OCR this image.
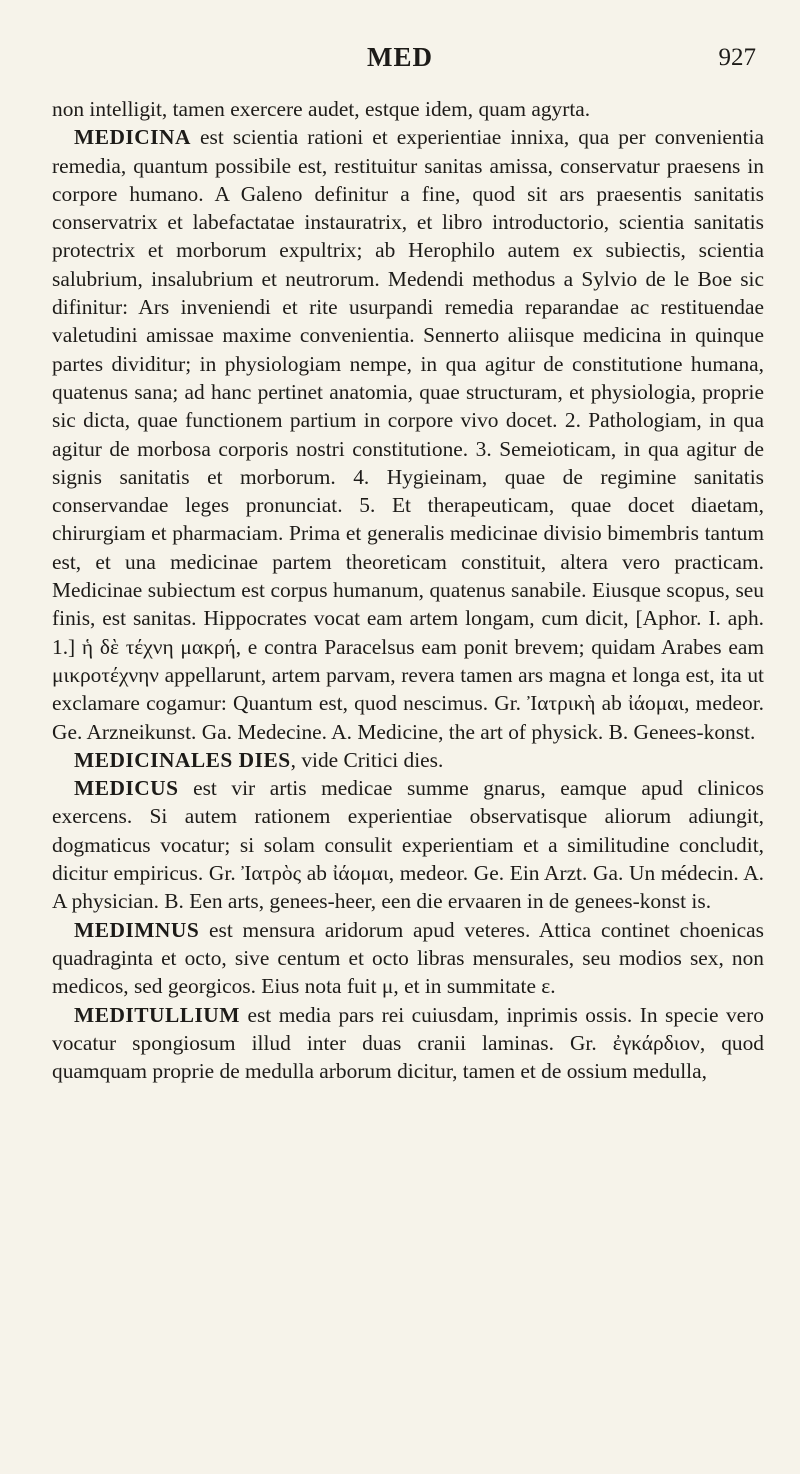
MED	927

non intelligit, tamen exercere audet, estque idem, quam agyrta.

MEDICINA est scientia rationi et experientiae innixa, qua per convenientia remedia, quantum possibile est, restituitur sanitas amissa, conservatur praesens in corpore humano. A Galeno definitur a fine, quod sit ars praesentis sanitatis conservatrix et labefactatae instauratrix, et libro introductorio, scientia sanitatis protectrix et morborum expultrix; ab Herophilo autem ex subiectis, scientia salubrium, insalubrium et neutrorum. Medendi methodus a Sylvio de le Boe sic difinitur: Ars inveniendi et rite usurpandi remedia reparandae ac restituendae valetudini amissae maxime convenientia. Sennerto aliisque medicina in quinque partes dividitur; in physiologiam nempe, in qua agitur de constitutione humana, quatenus sana; ad hanc pertinet anatomia, quae structuram, et physiologia, proprie sic dicta, quae functionem partium in corpore vivo docet. 2. Pathologiam, in qua agitur de morbosa corporis nostri constitutione. 3. Semeioticam, in qua agitur de signis sanitatis et morborum. 4. Hygieinam, quae de regimine sanitatis conservandae leges pronunciat. 5. Et therapeuticam, quae docet diaetam, chirurgiam et pharmaciam. Prima et generalis medicinae divisio bimembris tantum est, et una medicinae partem theoreticam constituit, altera vero practicam. Medicinae subiectum est corpus humanum, quatenus sanabile. Eiusque scopus, seu finis, est sanitas. Hippocrates vocat eam artem longam, cum dicit, [Aphor. I. aph. 1.] ἡ δὲ τέχνη μακρή, e contra Paracelsus eam ponit brevem; quidam Arabes eam μικροτέχνην appellarunt, artem parvam, revera tamen ars magna et longa est, ita ut exclamare cogamur: Quantum est, quod nescimus. Gr. Ἰατρικὴ ab ἰάομαι, medeor. Ge. Arzneikunst. Ga. Medecine. A. Medicine, the art of physick. B. Genees-konst.

MEDICINALES DIES, vide Critici dies.

MEDICUS est vir artis medicae summe gnarus, eamque apud clinicos exercens. Si autem rationem experientiae observatisque aliorum adiungit, dogmaticus vocatur; si solam consulit experientiam et a similitudine concludit, dicitur empiricus. Gr. Ἰατρὸς ab ἰάομαι, medeor. Ge. Ein Arzt. Ga. Un médecin. A. A physician. B. Een arts, genees-heer, een die ervaaren in de genees-konst is.

MEDIMNUS est mensura aridorum apud veteres. Attica continet choenicas quadraginta et octo, sive centum et octo libras mensurales, seu modios sex, non medicos, sed georgicos. Eius nota fuit μ, et in summitate ε.

MEDITULLIUM est media pars rei cuiusdam, inprimis ossis. In specie vero vocatur spongiosum illud inter duas cranii laminas. Gr. ἐγκάρδιον, quod quamquam proprie de medulla arborum dicitur, tamen et de ossium medulla,
